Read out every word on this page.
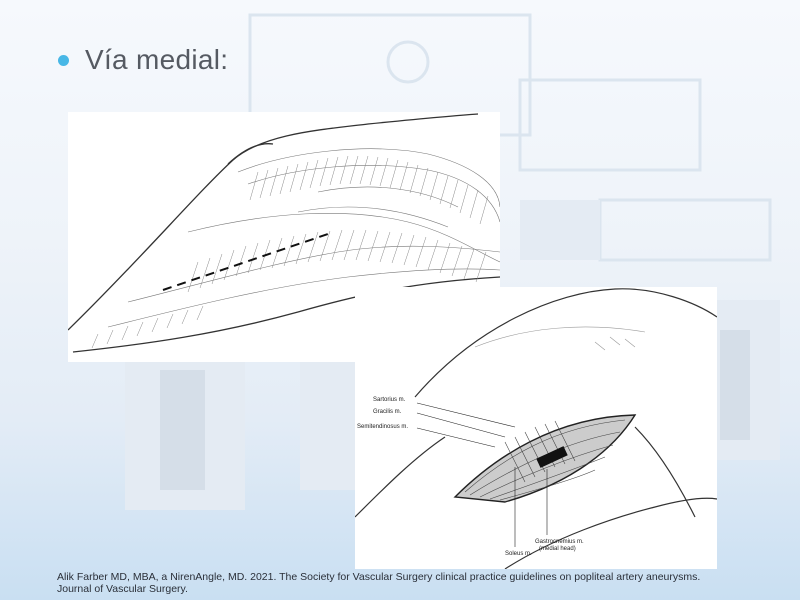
Vía medial:
Sartorius m.
Gracilis m.
Semitendinosus m.
Soleus m.
Gastrocnemius m.
(medial head)
Alik Farber MD, MBA, a NirenAngle, MD. 2021. The Society for Vascular Surgery clinical practice guidelines on popliteal artery aneurysms.
Journal of Vascular Surgery.
